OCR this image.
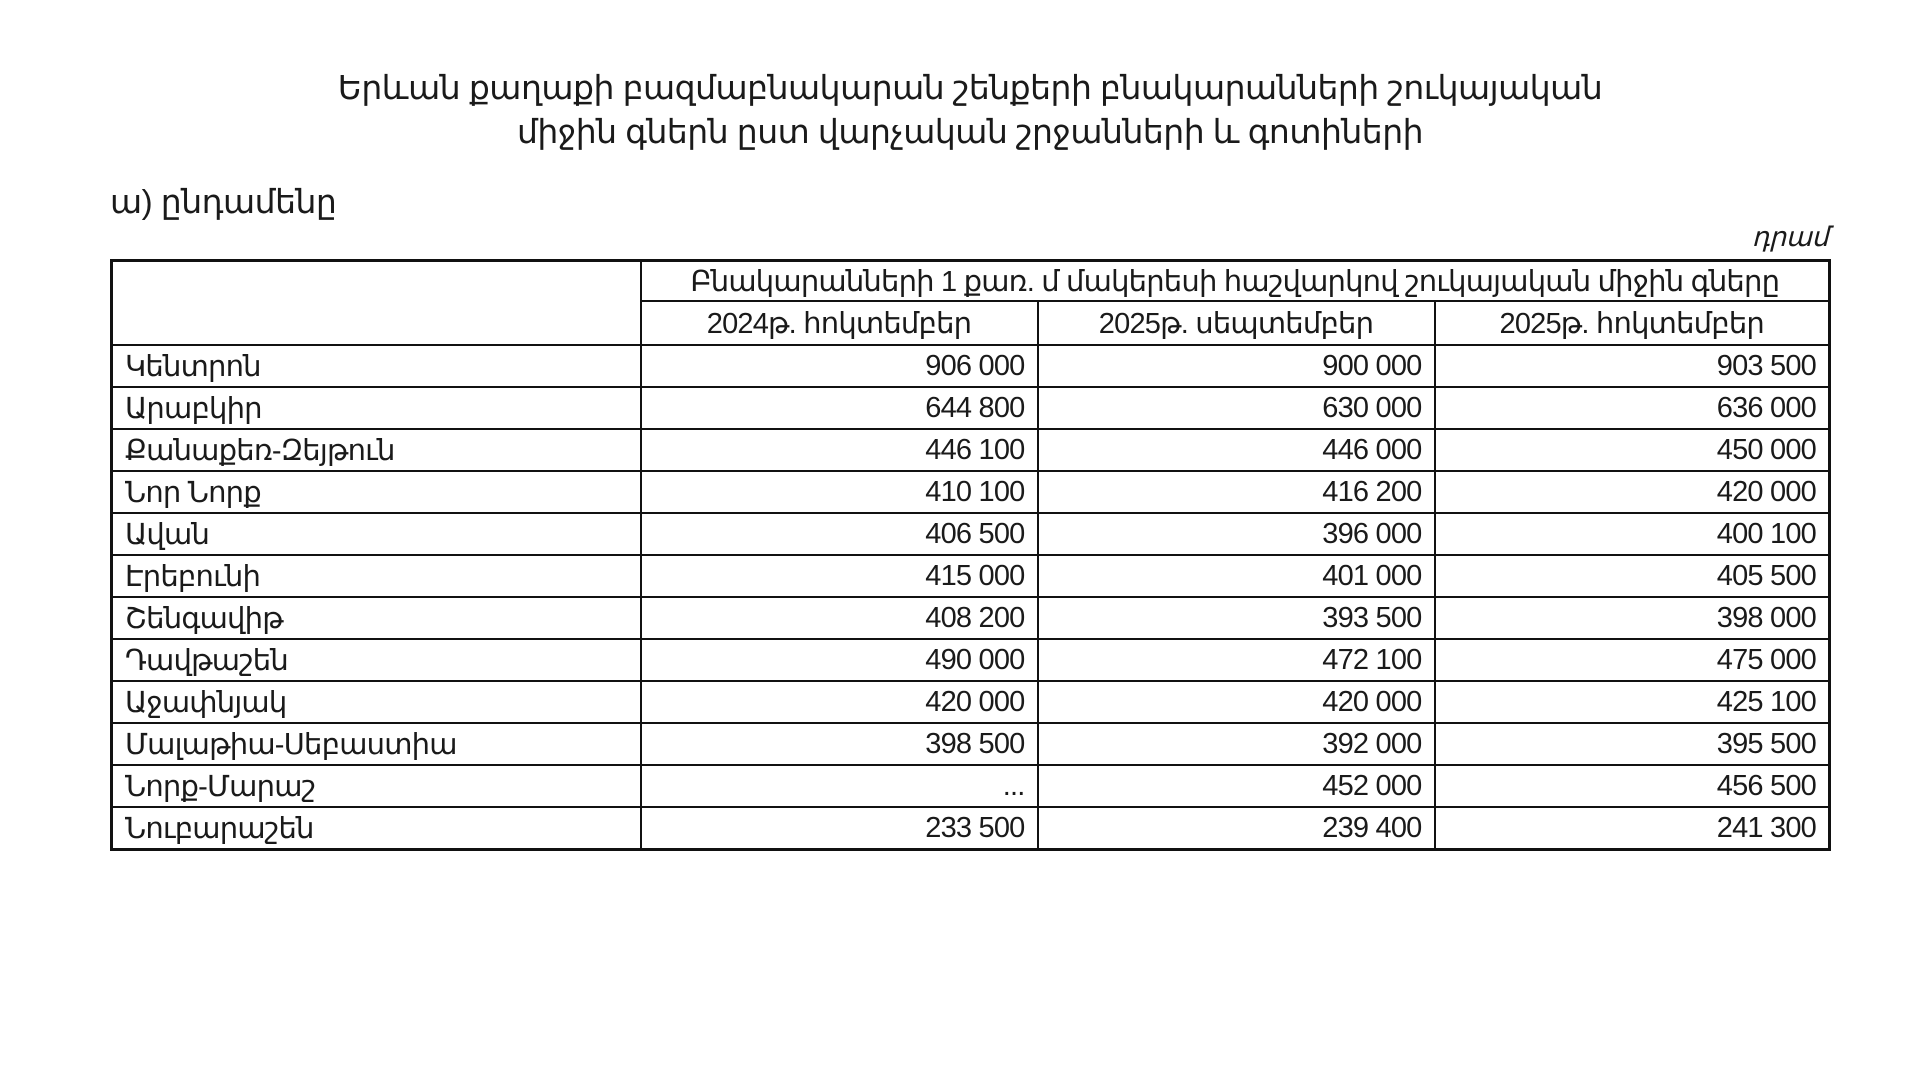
Երևան քաղաքի բազմաբնակարան շենքերի բնակարանների շուկայական
միջին գներն ըստ վարչական շրջանների և գոտիների
ա) ընդամենը
դրամ
	Բնակարանների 1 քառ. մ մակերեսի հաշվարկով շուկայական միջին գները		
	2024թ. հոկտեմբեր	2025թ. սեպտեմբեր	2025թ. հոկտեմբեր
Կենտրոն	906 000	900 000	903 500
Արաբկիր	644 800	630 000	636 000
Քանաքեռ-Զեյթուն	446 100	446 000	450 000
Նոր Նորք	410 100	416 200	420 000
Ավան	406 500	396 000	400 100
Էրեբունի	415 000	401 000	405 500
Շենգավիթ	408 200	393 500	398 000
Դավթաշեն	490 000	472 100	475 000
Աջափնյակ	420 000	420 000	425 100
Մալաթիա-Սեբաստիա	398 500	392 000	395 500
Նորք-Մարաշ	...	452 000	456 500
Նուբարաշեն	233 500	239 400	241 300
